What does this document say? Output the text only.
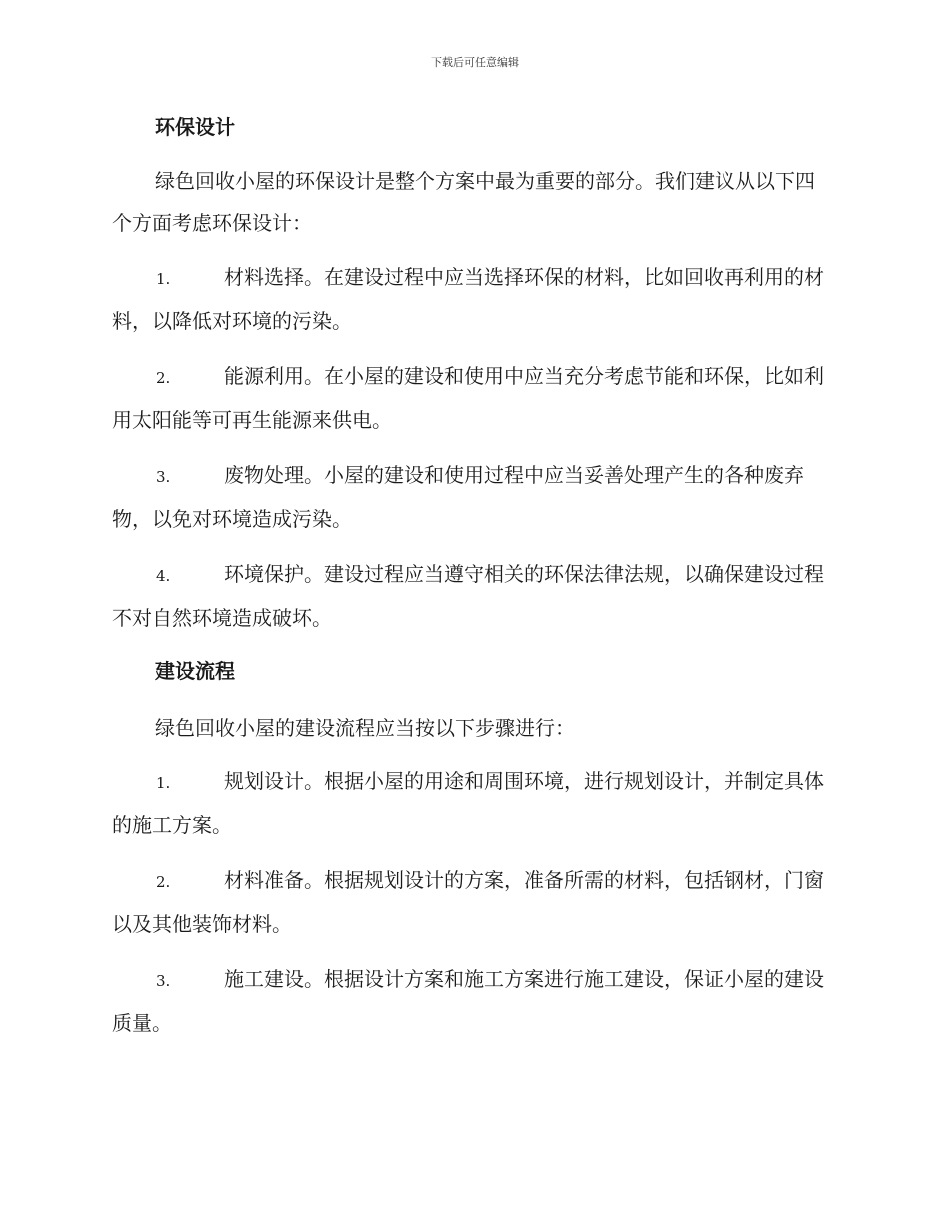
下载后可任意编辑
环保设计

绿色回收小屋的环保设计是整个方案中最为重要的部分。我们建议从以下四个方面考虑环保设计：

1.	材料选择。在建设过程中应当选择环保的材料，比如回收再利用的材料，以降低对环境的污染。

2.	能源利用。在小屋的建设和使用中应当充分考虑节能和环保，比如利用太阳能等可再生能源来供电。

3.	废物处理。小屋的建设和使用过程中应当妥善处理产生的各种废弃物，以免对环境造成污染。

4.	环境保护。建设过程应当遵守相关的环保法律法规，以确保建设过程不对自然环境造成破坏。

建设流程

绿色回收小屋的建设流程应当按以下步骤进行：

1.	规划设计。根据小屋的用途和周围环境，进行规划设计，并制定具体的施工方案。

2.	材料准备。根据规划设计的方案，准备所需的材料，包括钢材，门窗以及其他装饰材料。

3.	施工建设。根据设计方案和施工方案进行施工建设，保证小屋的建设质量。
